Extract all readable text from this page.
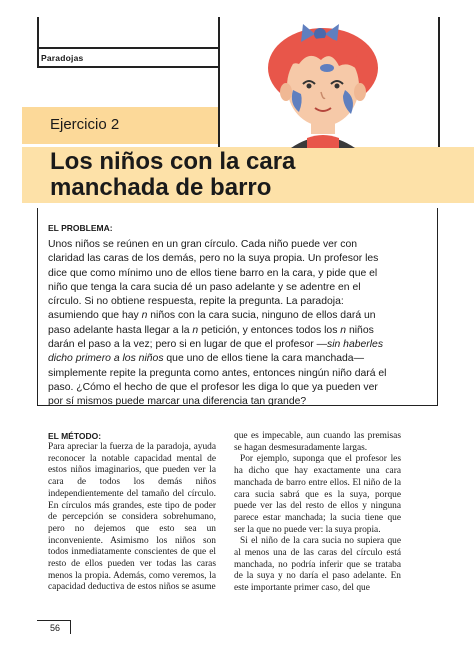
Paradojas
Ejercicio 2
Los niños con la cara
manchada de barro
EL PROBLEMA:
Unos niños se reúnen en un gran círculo. Cada niño puede ver con claridad las caras de los demás, pero no la suya propia. Un profesor les dice que como mínimo uno de ellos tiene barro en la cara, y pide que el niño que tenga la cara sucia dé un paso adelante y se adentre en el círculo. Si no obtiene respuesta, repite la pregunta. La paradoja: asumiendo que hay n niños con la cara sucia, ninguno de ellos dará un paso adelante hasta llegar a la n petición, y entonces todos los n niños darán el paso a la vez; pero si en lugar de que el profesor —sin haberles dicho primero a los niños que uno de ellos tiene la cara manchada— simplemente repite la pregunta como antes, entonces ningún niño dará el paso. ¿Cómo el hecho de que el profesor les diga lo que ya pueden ver por sí mismos puede marcar una diferencia tan grande?
EL MÉTODO:
Para apreciar la fuerza de la paradoja, ayuda reconocer la notable capacidad mental de estos niños imaginarios, que pueden ver la cara de todos los demás niños independientemente del tamaño del círculo. En círculos más grandes, este tipo de poder de percepción se considera sobrehumano, pero no dejemos que esto sea un inconveniente. Asimismo los niños son todos inmediatamente conscientes de que el resto de ellos pueden ver todas las caras menos la propia. Además, como veremos, la capacidad deductiva de estos niños se asume

que es impecable, aun cuando las premisas se hagan desmesuradamente largas.

Por ejemplo, suponga que el profesor les ha dicho que hay exactamente una cara manchada de barro entre ellos. El niño de la cara sucia sabrá que es la suya, porque puede ver las del resto de ellos y ninguna parece estar manchada; la sucia tiene que ser la que no puede ver: la suya propia.

Si el niño de la cara sucia no supiera que al menos una de las caras del círculo está manchada, no podría inferir que se trataba de la suya y no daría el paso adelante. En este importante primer caso, del que

56
